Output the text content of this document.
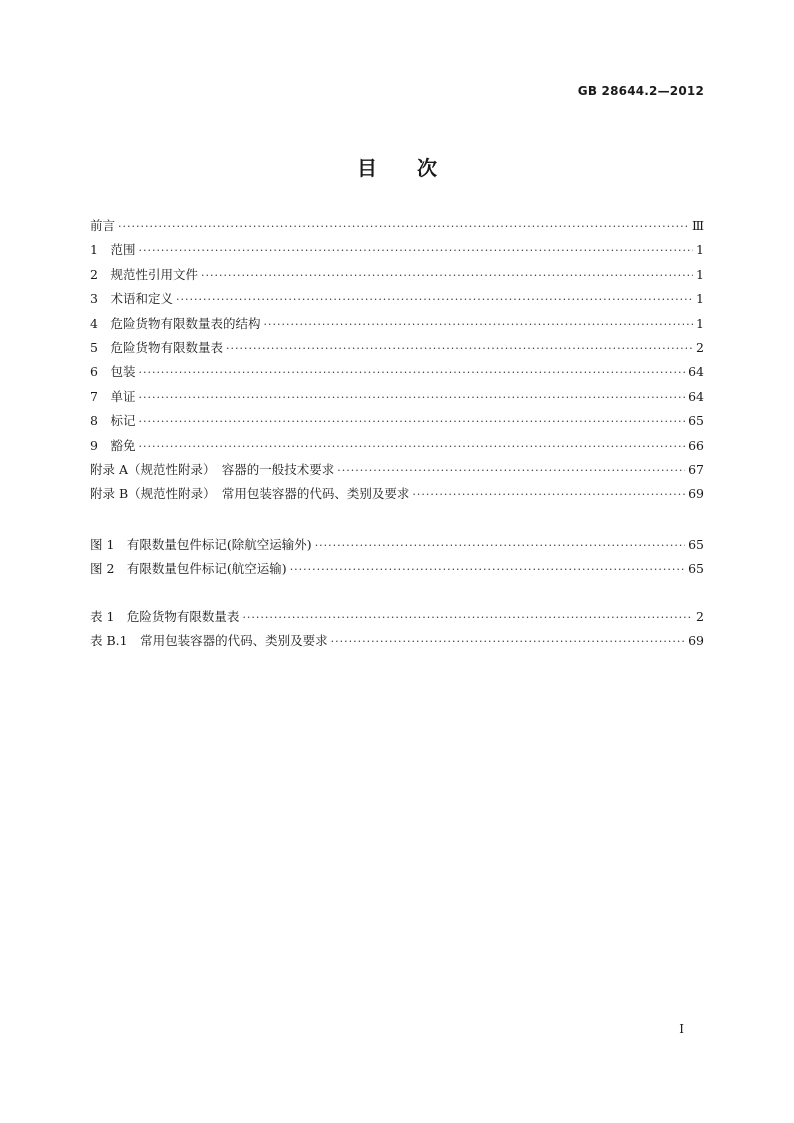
GB 28644.2—2012
目次
前言 ·····	Ⅲ
1　范围 ·····	1
2　规范性引用文件 ·····	1
3　术语和定义 ·····	1
4　危险货物有限数量表的结构 ·····	1
5　危险货物有限数量表 ·····	2
6　包装 ·····	64
7　单证 ·····	64
8　标记 ·····	65
9　豁免 ·····	66
附录 A（规范性附录）　容器的一般技术要求 ·····	67
附录 B（规范性附录）　常用包装容器的代码、类别及要求 ·····	69
图 1　有限数量包件标记(除航空运输外) ·····	65
图 2　有限数量包件标记(航空运输) ·····	65
表 1　危险货物有限数量表 ·····	2
表 B.1　常用包装容器的代码、类别及要求 ·····	69
I
